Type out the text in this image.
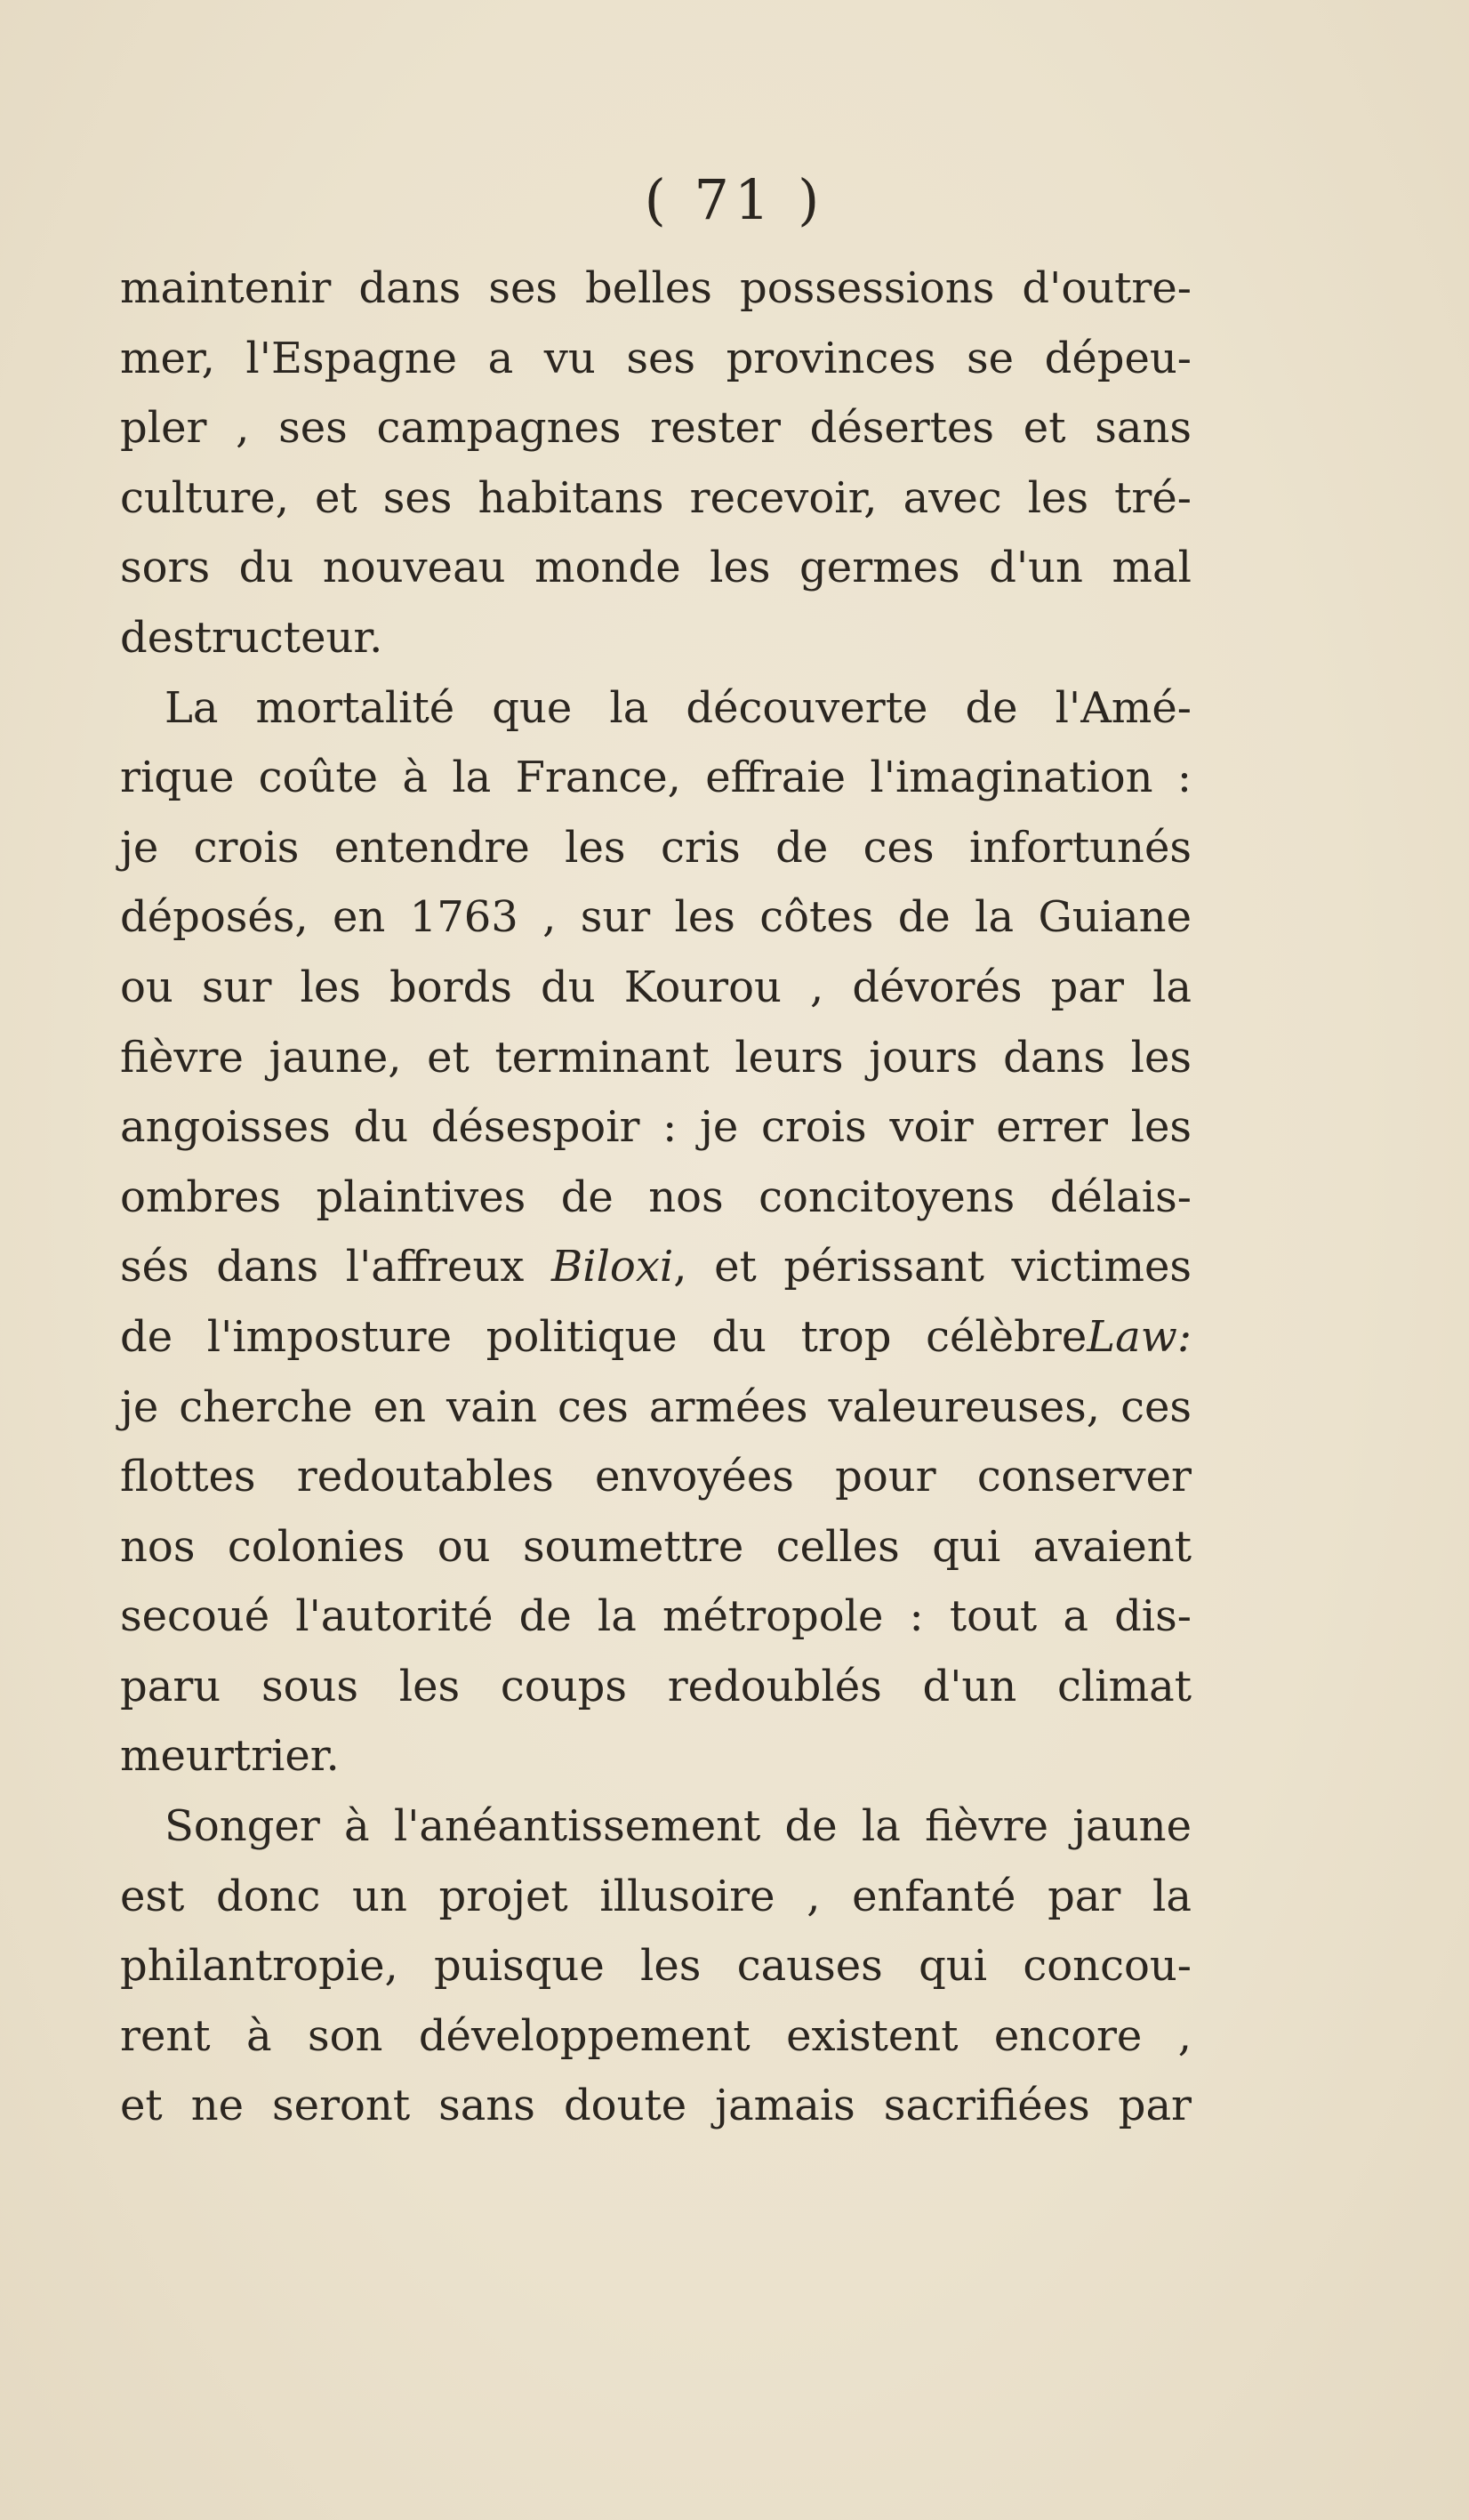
( 71 )
maintenir dans ses belles possessions d'outre-
mer, l'Espagne a vu ses provinces se dépeu-
pler , ses campagnes rester désertes et sans
culture, et ses habitans recevoir, avec les tré-
sors du nouveau monde les germes d'un mal
destructeur.
La mortalité que la découverte de l'Amé-
rique coûte à la France, effraie l'imagination :
je crois entendre les cris de ces infortunés
déposés, en 1763 , sur les côtes de la Guiane
ou sur les bords du Kourou , dévorés par la
fièvre jaune, et terminant leurs jours dans les
angoisses du désespoir : je crois voir errer les
ombres plaintives de nos concitoyens délais-
sés dans l'affreux Biloxi, et périssant victimes
de l'imposture politique du trop célèbreLaw:
je cherche en vain ces armées valeureuses, ces
flottes redoutables envoyées pour conserver
nos colonies ou soumettre celles qui avaient
secoué l'autorité de la métropole : tout a dis-
paru sous les coups redoublés d'un climat
meurtrier.
Songer à l'anéantissement de la fièvre jaune
est donc un projet illusoire , enfanté par la
philantropie, puisque les causes qui concou-
rent à son développement existent encore ,
et ne seront sans doute jamais sacrifiées par
